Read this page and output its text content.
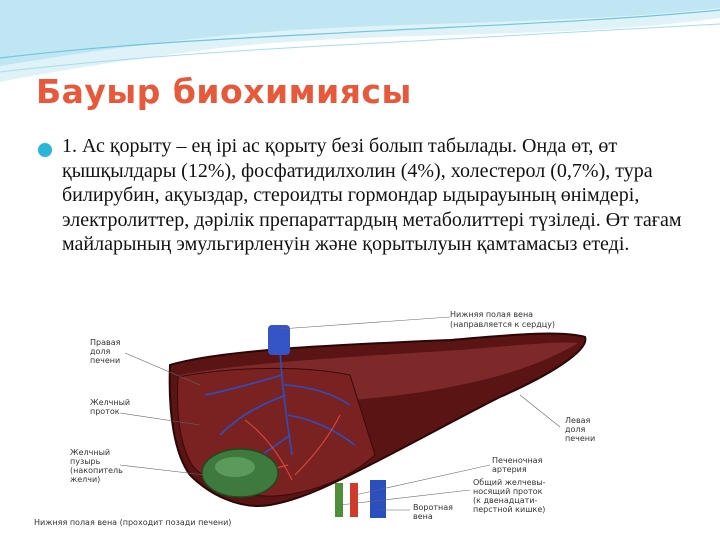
Бауыр биохимиясы
1. Ас қорыту – ең ірі ас қорыту безі болып табылады. Онда өт, өт қышқылдары (12%), фосфатидилхолин (4%), холестерол (0,7%), тура билирубин, ақуыздар, стероидты гормондар ыдырауының өнімдері, электролиттер, дәрілік препараттардың метаболиттері түзіледі. Өт тағам майларының эмульгирленуін және қорытылуын қамтамасыз етеді.
Нижняя полая вена
(направляется к сердцу)
Правая
доля
печени
Желчный
проток
Желчный
пузырь
(накопитель
желчи)
Левая
доля
печени
Печеночная
артерия
Общий желчевы-
носящий проток
(к двенадцати-
перстной кишке)
Воротная
вена
Нижняя полая вена (проходит позади печени)
